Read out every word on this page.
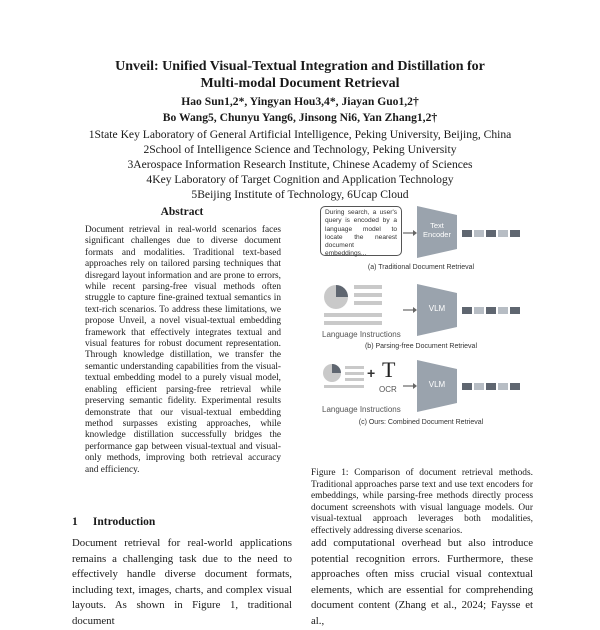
Unveil: Unified Visual-Textual Integration and Distillation for
Multi-modal Document Retrieval
Hao Sun1,2*, Yingyan Hou3,4*, Jiayan Guo1,2†
Bo Wang5, Chunyu Yang6, Jinsong Ni6, Yan Zhang1,2†
1State Key Laboratory of General Artificial Intelligence, Peking University, Beijing, China
2School of Intelligence Science and Technology, Peking University
3Aerospace Information Research Institute, Chinese Academy of Sciences
4Key Laboratory of Target Cognition and Application Technology
5Beijing Institute of Technology, 6Ucap Cloud
Abstract
Document retrieval in real-world scenarios faces significant challenges due to diverse document formats and modalities. Traditional text-based approaches rely on tailored parsing techniques that disregard layout information and are prone to errors, while recent parsing-free visual methods often struggle to capture fine-grained textual semantics in text-rich scenarios. To address these limitations, we propose Unveil, a novel visual-textual embedding framework that effectively integrates textual and visual features for robust document representation. Through knowledge distillation, we transfer the semantic understanding capabilities from the visual-textual embedding model to a purely visual model, enabling efficient parsing-free retrieval while preserving semantic fidelity. Experimental results demonstrate that our visual-textual embedding method surpasses existing approaches, while knowledge distillation successfully bridges the performance gap between visual-textual and visual-only methods, improving both retrieval accuracy and efficiency.
1 Introduction
Document retrieval for real-world applications remains a challenging task due to the need to effectively handle diverse document formats, including text, images, charts, and complex visual layouts. As shown in Figure 1, traditional document
During search, a user's query is encoded by a language model to locate the nearest document embeddings...
Text
Encoder
(a) Traditional Document Retrieval
Language Instructions
VLM
(b) Parsing-free Document Retrieval
+ T
OCR
Language Instructions
VLM
(c) Ours: Combined Document Retrieval
Figure 1: Comparison of document retrieval methods. Traditional approaches parse text and use text encoders for embeddings, while parsing-free methods directly process document screenshots with visual language models. Our visual-textual approach leverages both modalities, effectively addressing diverse scenarios.
add computational overhead but also introduce potential recognition errors. Furthermore, these approaches often miss crucial visual contextual elements, which are essential for comprehending document content (Zhang et al., 2024; Faysse et al.,
